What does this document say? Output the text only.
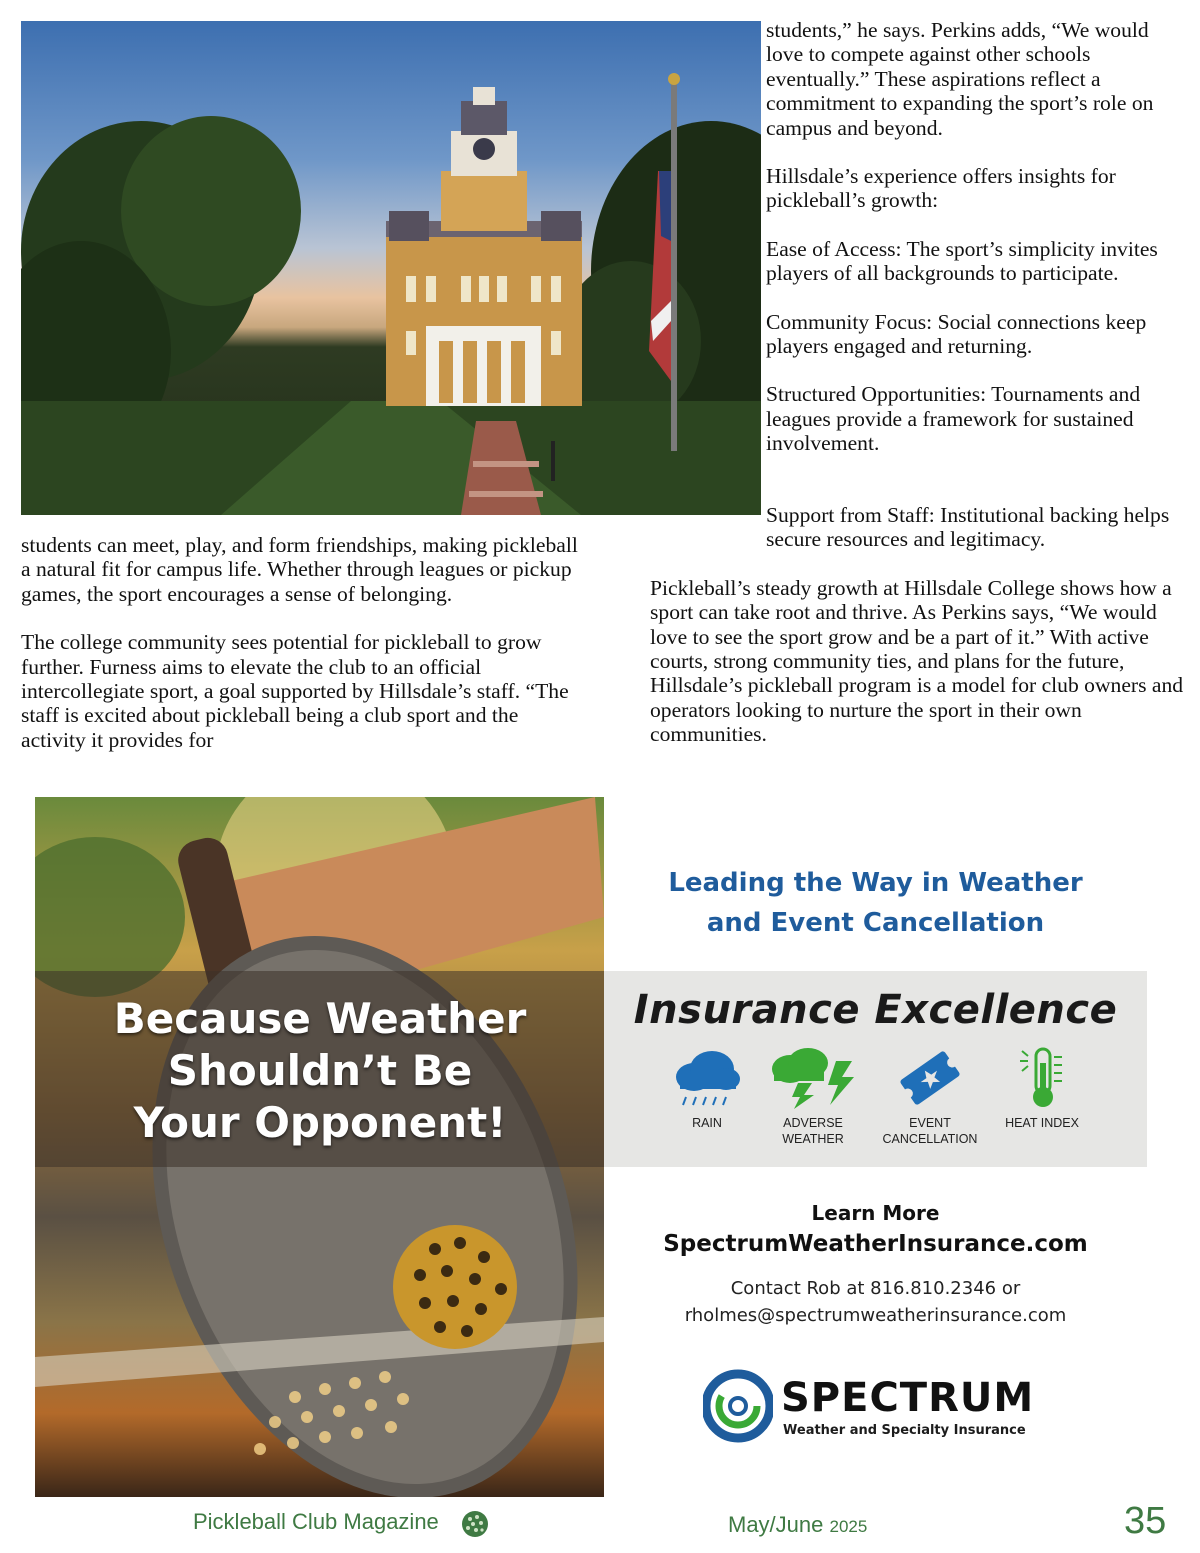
students,” he says. Perkins adds, “We would love to compete against other schools eventually.” These aspirations reflect a commitment to expanding the sport’s role on campus and beyond.

Hillsdale’s experience offers insights for pickleball’s growth:

Ease of Access: The sport’s simplicity invites players of all backgrounds to participate.

Community Focus: Social connections keep players engaged and returning.

Structured Opportunities: Tournaments and leagues provide a framework for sustained involvement.

Support from Staff: Institutional backing helps secure resources and legitimacy.

Pickleball’s steady growth at Hillsdale College shows how a sport can take root and thrive. As Perkins says, “We would love to see the sport grow and be a part of it.” With active courts, strong community ties, and plans for the future, Hillsdale’s pickleball program is a model for club owners and operators looking to nurture the sport in their own communities.

students can meet, play, and form friendships, making pickleball a natural fit for campus life. Whether through leagues or pickup games, the sport encourages a sense of belonging.

The college community sees potential for pickleball to grow further. Furness aims to elevate the club to an official intercollegiate sport, a goal supported by Hillsdale’s staff. “The staff is excited about pickleball being a club sport and the activity it provides for

Because Weather
Shouldn’t Be
Your Opponent!
Leading the Way in Weather
and Event Cancellation
Insurance Excellence
RAIN	ADVERSE
WEATHER
EVENT
CANCELLATION
HEAT INDEX
Learn More
SpectrumWeatherInsurance.com
Contact Rob at 816.810.2346 or
rholmes@spectrumweatherinsurance.com
SPECTRUM
Weather and Specialty Insurance
Pickleball Club Magazine	May/June 2025	35
